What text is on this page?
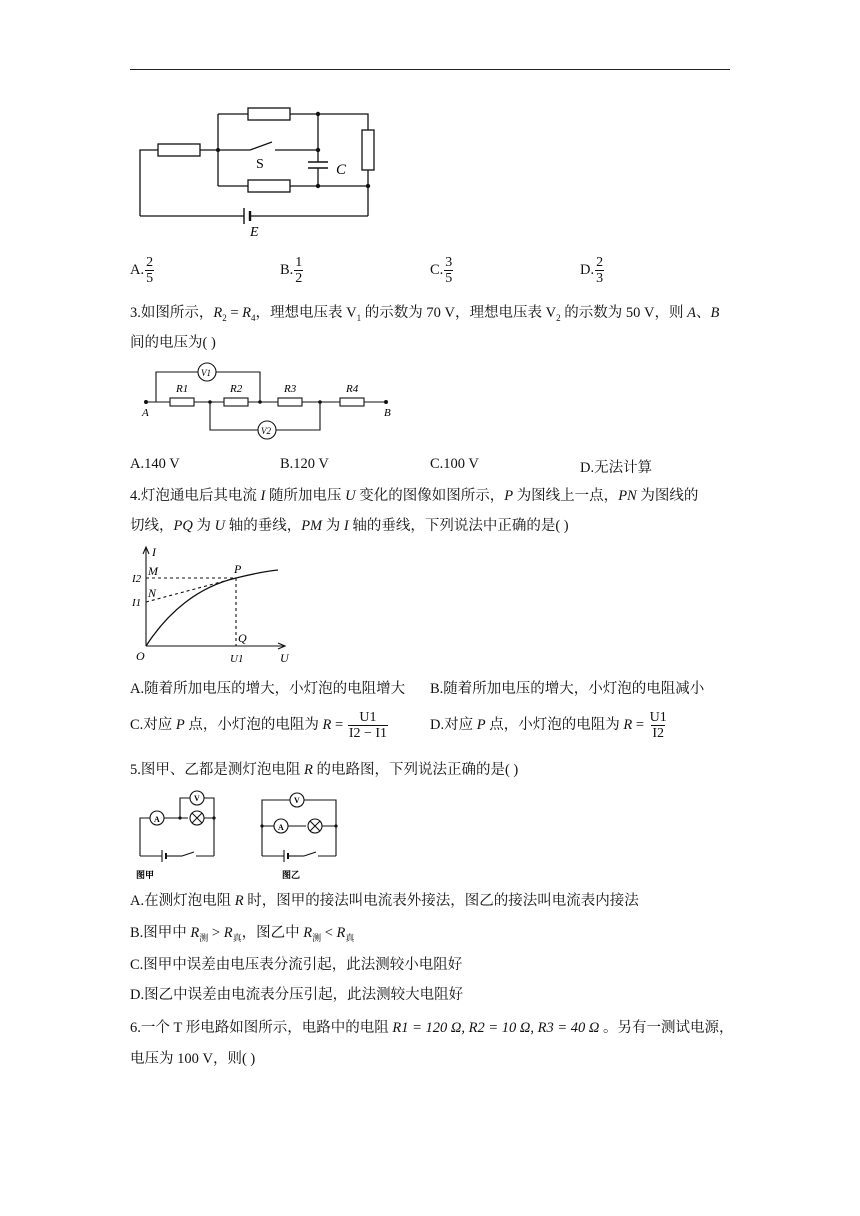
S	C
E
A. $\frac{2}{5}$	B. $\frac{1}{2}$	C. $\frac{3}{5}$	D. $\frac{2}{3}$
3.如图所示，$R_2 = R_4$，理想电压表 $V_1$ 的示数为 70 V，理想电压表 $V_2$ 的示数为 50 V，则 A、B
间的电压为( )
R1	R2	R3	R4
V1
V2
A	B
A.140 V	B.120 V	C.100 V	D.无法计算
4.灯泡通电后其电流 I 随所加电压 U 变化的图像如图所示，P 为图线上一点，PN 为图线的
切线，PQ 为 U 轴的垂线，PM 为 I 轴的垂线，下列说法中正确的是( )
I
U
O
M
N
P
Q
I2
I1
U1
A.随着所加电压的增大，小灯泡的电阻增大 B.随着所加电压的增大，小灯泡的电阻减小
C.对应 P 点，小灯泡的电阻为 $R = \frac{U1}{I2 - I1}$	D.对应 P 点，小灯泡的电阻为 $R = \frac{U1}{I2}$
5.图甲、乙都是测灯泡电阻 R 的电路图，下列说法正确的是( )
A
V
A
V
图甲	图乙
A.在测灯泡电阻 R 时，图甲的接法叫电流表外接法，图乙的接法叫电流表内接法
B.图甲中 $R_测 > R_真$，图乙中 $R_测 < R_真$
C.图甲中误差由电压表分流引起，此法测较小电阻好
D.图乙中误差由电流表分压引起，此法测较大电阻好
6.一个 T 形电路如图所示，电路中的电阻 R1 = 120 Ω, R2 = 10 Ω, R3 = 40 Ω 。另有一测试电源，
电压为 100 V，则( )
